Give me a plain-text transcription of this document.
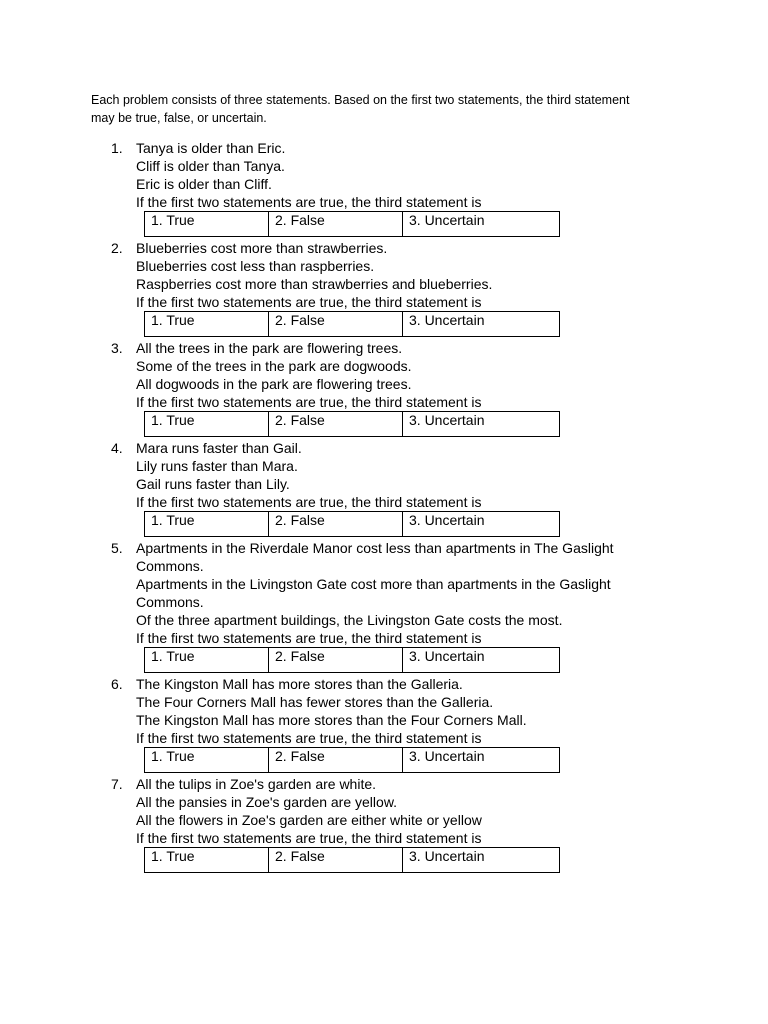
Each problem consists of three statements. Based on the first two statements, the third statement may be true, false, or uncertain.

1. Tanya is older than Eric.
Cliff is older than Tanya.
Eric is older than Cliff.
If the first two statements are true, the third statement is
1. True	2. False	3. Uncertain
2. Blueberries cost more than strawberries.
Blueberries cost less than raspberries.
Raspberries cost more than strawberries and blueberries.
If the first two statements are true, the third statement is
1. True	2. False	3. Uncertain
3. All the trees in the park are flowering trees.
Some of the trees in the park are dogwoods.
All dogwoods in the park are flowering trees.
If the first two statements are true, the third statement is
1. True	2. False	3. Uncertain
4. Mara runs faster than Gail.
Lily runs faster than Mara.
Gail runs faster than Lily.
If the first two statements are true, the third statement is
1. True	2. False	3. Uncertain
5. Apartments in the Riverdale Manor cost less than apartments in The Gaslight Commons.
Apartments in the Livingston Gate cost more than apartments in the Gaslight Commons.
Of the three apartment buildings, the Livingston Gate costs the most.
If the first two statements are true, the third statement is
1. True	2. False	3. Uncertain
6. The Kingston Mall has more stores than the Galleria.
The Four Corners Mall has fewer stores than the Galleria.
The Kingston Mall has more stores than the Four Corners Mall.
If the first two statements are true, the third statement is
1. True	2. False	3. Uncertain
7. All the tulips in Zoe's garden are white.
All the pansies in Zoe's garden are yellow.
All the flowers in Zoe's garden are either white or yellow
If the first two statements are true, the third statement is
1. True	2. False	3. Uncertain
